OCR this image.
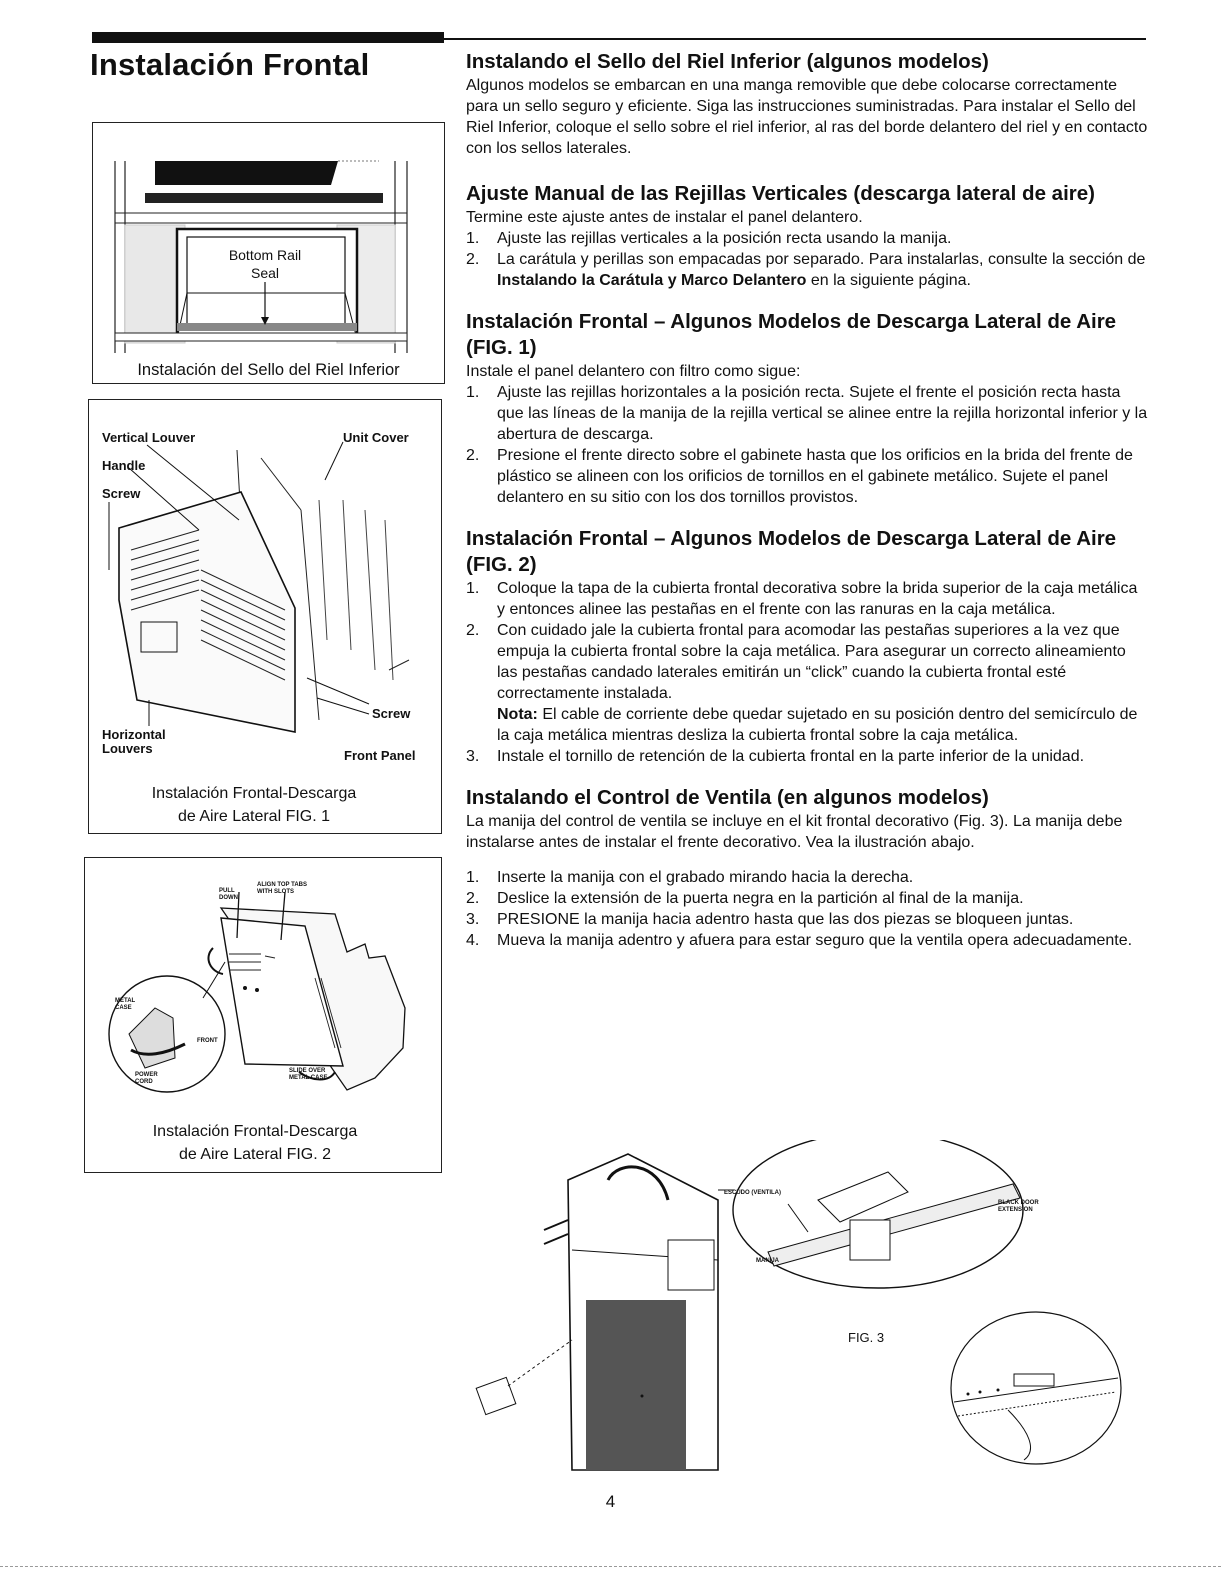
Instalación Frontal
Bottom Rail
Seal
Instalación del Sello del Riel Inferior
Vertical Louver
Handle
Screw
Unit Cover
Screw
Horizontal
Louvers	Front Panel
Instalación Frontal-Descarga
de Aire Lateral FIG. 1
PULL
DOWN
ALIGN TOP TABS
WITH SLOTS
METAL
CASE
FRONT
POWER
CORD
SLIDE OVER
METAL CASE
Instalación Frontal-Descarga
de Aire Lateral FIG. 2
Instalando el Sello del Riel Inferior (algunos modelos)

Algunos modelos se embarcan en una manga removible que debe colocarse correctamente para un sello seguro y eficiente. Siga las instrucciones suministradas. Para instalar el Sello del Riel Inferior, coloque el sello sobre el riel inferior, al ras del borde delantero del riel y en contacto con los sellos laterales.

Ajuste Manual de las Rejillas Verticales (descarga lateral de aire)

Termine este ajuste antes de instalar el panel delantero.

1. Ajuste las rejillas verticales a la posición recta usando la manija.
2. La carátula y perillas son empacadas por separado. Para instalarlas, consulte la sección de Instalando la Carátula y Marco Delantero en la siguiente página.
Instalación Frontal – Algunos Modelos de Descarga Lateral de Aire (FIG. 1)

Instale el panel delantero con filtro como sigue:

1. Ajuste las rejillas horizontales a la posición recta. Sujete el frente el posición recta hasta que las líneas de la manija de la rejilla vertical se alinee entre la rejilla horizontal inferior y la abertura de descarga.
2. Presione el frente directo sobre el gabinete hasta que los orificios en la brida del frente de plástico se alineen con los orificios de tornillos en el gabinete metálico. Sujete el panel delantero en su sitio con los dos tornillos provistos.
Instalación Frontal – Algunos Modelos de Descarga Lateral de Aire (FIG. 2)
1. Coloque la tapa de la cubierta frontal decorativa sobre la brida superior de la caja metálica y entonces alinee las pestañas en el frente con las ranuras en la caja metálica.
2. Con cuidado jale la cubierta frontal para acomodar las pestañas superiores a la vez que empuja la cubierta frontal sobre la caja metálica. Para asegurar un correcto alineamiento las pestañas candado laterales emitirán un “click” cuando la cubierta frontal esté correctamente instalada.
Nota: El cable de corriente debe quedar sujetado en su posición dentro del semicírculo de la caja metálica mientras desliza la cubierta frontal sobre la caja metálica.
3. Instale el tornillo de retención de la cubierta frontal en la parte inferior de la unidad.
Instalando el Control de Ventila (en algunos modelos)

La manija del control de ventila se incluye en el kit frontal decorativo (Fig. 3). La manija debe instalarse antes de instalar el frente decorativo. Vea la ilustración abajo.

1. Inserte la manija con el grabado mirando hacia la derecha.
2. Deslice la extensión de la puerta negra en la partición al final de la manija.
3. PRESIONE la manija hacia adentro hasta que las dos piezas se bloqueen juntas.
4. Mueva la manija adentro y afuera para estar seguro que la ventila opera adecuadamente.
ESCUDO (VENTILA)
BLACK DOOR
EXTENSION
MANIJA
FIG. 3
4
